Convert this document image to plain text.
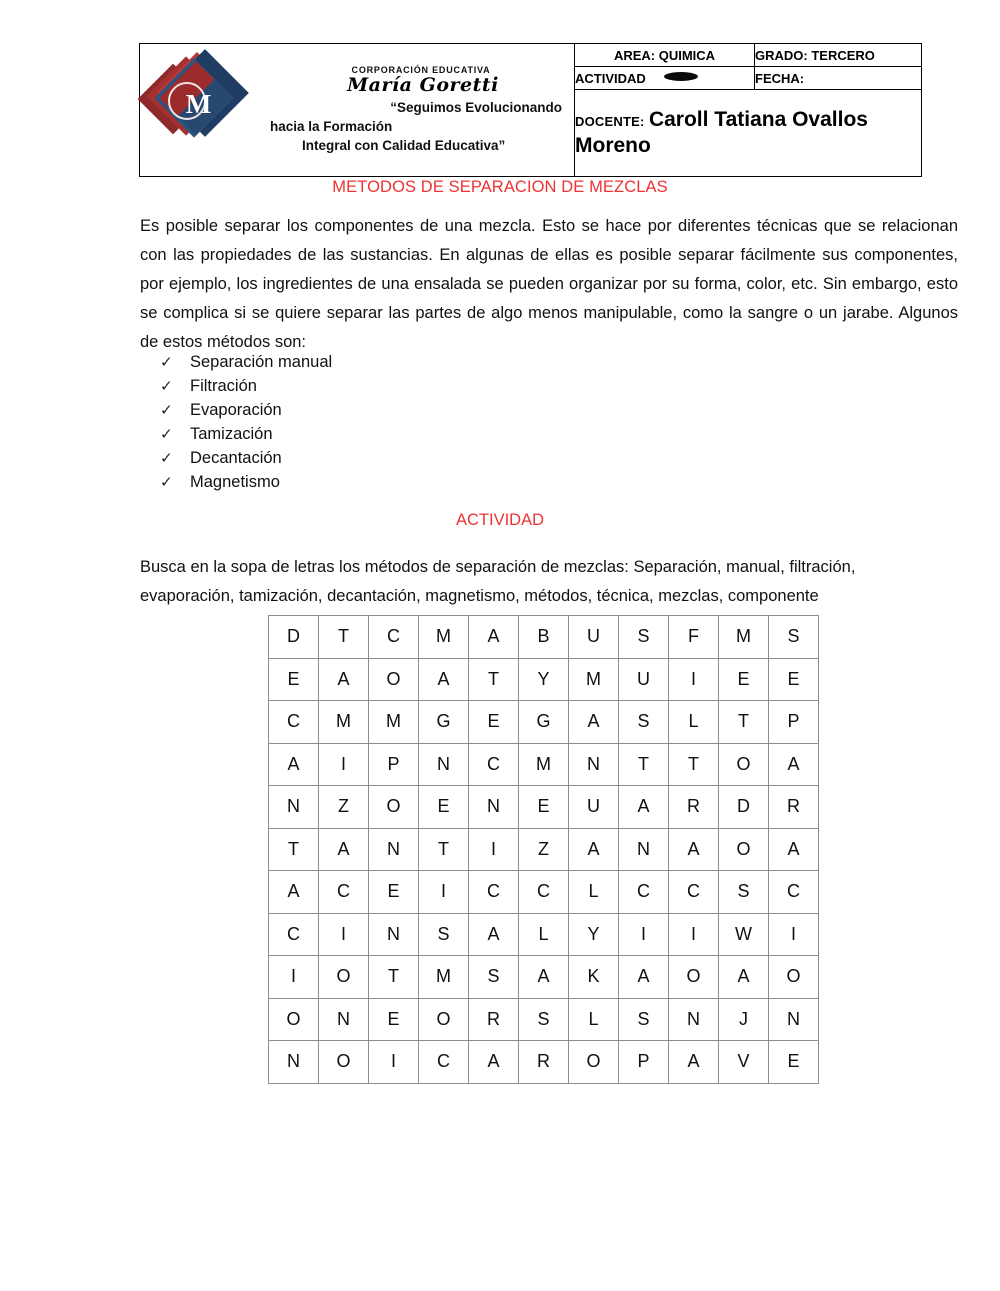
M
CORPORACIÓN EDUCATIVA
María Goretti
“Seguimos Evolucionando
hacia la Formación
Integral con Calidad Educativa”
	AREA: QUIMICA	GRADO: TERCERO
	ACTIVIDAD	FECHA:
	DOCENTE: Caroll Tatiana Ovallos Moreno	
METODOS DE SEPARACION DE MEZCLAS
Es posible separar los componentes de una mezcla. Esto se hace por diferentes técnicas que se relacionan con las propiedades de las sustancias. En algunas de ellas es posible separar fácilmente sus componentes, por ejemplo, los ingredientes de una ensalada se pueden organizar por su forma, color, etc. Sin embargo, esto se complica si se quiere separar las partes de algo menos manipulable, como la sangre o un jarabe. Algunos de estos métodos son:
✓	Separación manual
✓	Filtración
✓	Evaporación
✓	Tamización
✓	Decantación
✓	Magnetismo
ACTIVIDAD
Busca en la sopa de letras los métodos de separación de mezclas: Separación, manual, filtración, evaporación, tamización, decantación, magnetismo, métodos, técnica, mezclas, componente
D	T	C	M	A	B	U	S	F	M	S
E	A	O	A	T	Y	M	U	I	E	E
C	M	M	G	E	G	A	S	L	T	P
A	I	P	N	C	M	N	T	T	O	A
N	Z	O	E	N	E	U	A	R	D	R
T	A	N	T	I	Z	A	N	A	O	A
A	C	E	I	C	C	L	C	C	S	C
C	I	N	S	A	L	Y	I	I	W	I
I	O	T	M	S	A	K	A	O	A	O
O	N	E	O	R	S	L	S	N	J	N
N	O	I	C	A	R	O	P	A	V	E
